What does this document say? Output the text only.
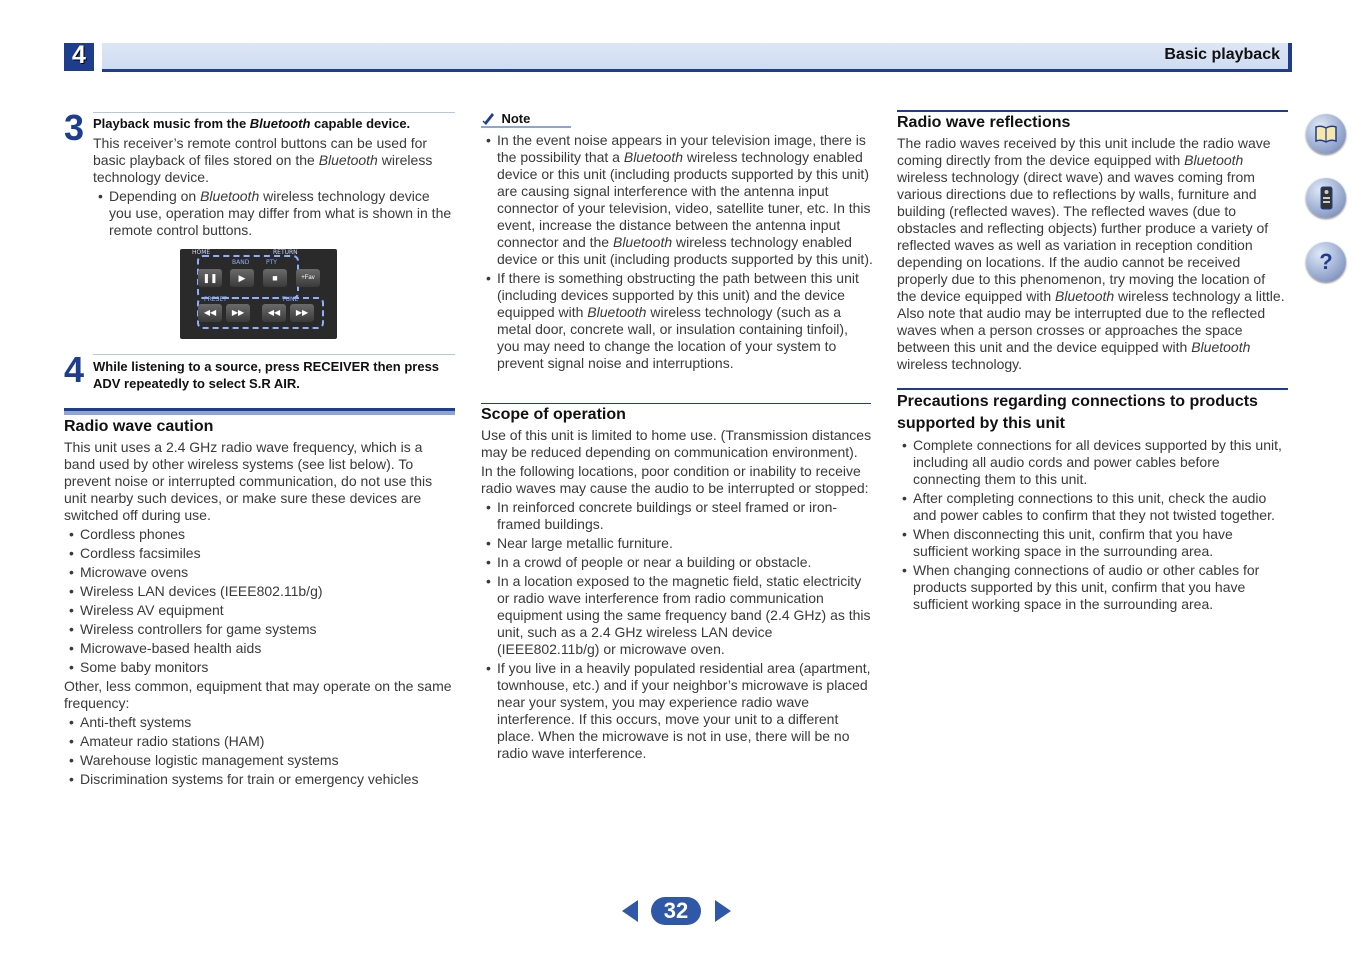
4	Basic playback
3 Playback music from the Bluetooth capable device.

This receiver’s remote control buttons can be used for basic playback of files stored on the Bluetooth wireless technology device.

• Depending on Bluetooth wireless technology device you use, operation may differ from what is shown in the remote control buttons.
HOME	RETURN
BAND	PTY
❚❚	▶	■	+Fav
PRESET	TUNE
◀◀	▶▶	◀◀	▶▶
4 While listening to a source, press RECEIVER then press ADV repeatedly to select S.R AIR.
Radio wave caution

This unit uses a 2.4 GHz radio wave frequency, which is a band used by other wireless systems (see list below). To prevent noise or interrupted communication, do not use this unit nearby such devices, or make sure these devices are switched off during use.

• Cordless phones
• Cordless facsimiles
• Microwave ovens
• Wireless LAN devices (IEEE802.11b/g)
• Wireless AV equipment
• Wireless controllers for game systems
• Microwave-based health aids
• Some baby monitors

Other, less common, equipment that may operate on the same frequency:

• Anti-theft systems
• Amateur radio stations (HAM)
• Warehouse logistic management systems
• Discrimination systems for train or emergency vehicles
Note
• In the event noise appears in your television image, there is the possibility that a Bluetooth wireless technology enabled device or this unit (including products supported by this unit) are causing signal interference with the antenna input connector of your television, video, satellite tuner, etc. In this event, increase the distance between the antenna input connector and the Bluetooth wireless technology enabled device or this unit (including products supported by this unit).
• If there is something obstructing the path between this unit (including devices supported by this unit) and the device equipped with Bluetooth wireless technology (such as a metal door, concrete wall, or insulation containing tinfoil), you may need to change the location of your system to prevent signal noise and interruptions.
Scope of operation

Use of this unit is limited to home use. (Transmission distances may be reduced depending on communication environment).

In the following locations, poor condition or inability to receive radio waves may cause the audio to be interrupted or stopped:

• In reinforced concrete buildings or steel framed or iron-framed buildings.
• Near large metallic furniture.
• In a crowd of people or near a building or obstacle.
• In a location exposed to the magnetic field, static electricity or radio wave interference from radio communication equipment using the same frequency band (2.4 GHz) as this unit, such as a 2.4 GHz wireless LAN device (IEEE802.11b/g) or microwave oven.
• If you live in a heavily populated residential area (apartment, townhouse, etc.) and if your neighbor’s microwave is placed near your system, you may experience radio wave interference. If this occurs, move your unit to a different place. When the microwave is not in use, there will be no radio wave interference.
Radio wave reflections

The radio waves received by this unit include the radio wave coming directly from the device equipped with Bluetooth wireless technology (direct wave) and waves coming from various directions due to reflections by walls, furniture and building (reflected waves). The reflected waves (due to obstacles and reflecting objects) further produce a variety of reflected waves as well as variation in reception condition depending on locations. If the audio cannot be received properly due to this phenomenon, try moving the location of the device equipped with Bluetooth wireless technology a little. Also note that audio may be interrupted due to the reflected waves when a person crosses or approaches the space between this unit and the device equipped with Bluetooth wireless technology.

Precautions regarding connections to products supported by this unit
• Complete connections for all devices supported by this unit, including all audio cords and power cables before connecting them to this unit.
• After completing connections to this unit, check the audio and power cables to confirm that they not twisted together.
• When disconnecting this unit, confirm that you have sufficient working space in the surrounding area.
• When changing connections of audio or other cables for products supported by this unit, confirm that you have sufficient working space in the surrounding area.
?
32
